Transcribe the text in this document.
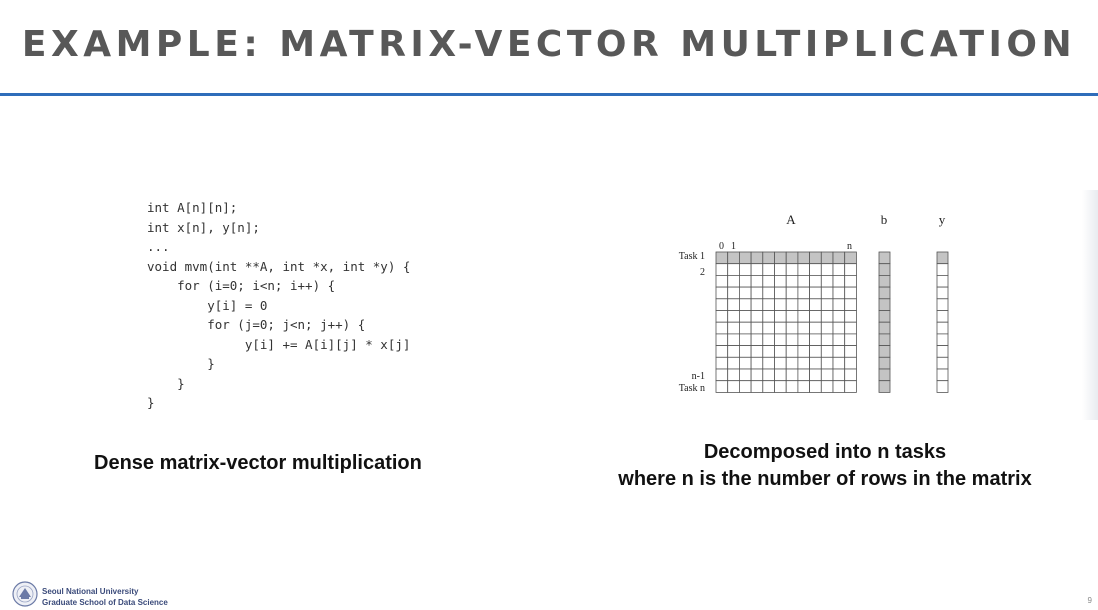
EXAMPLE: MATRIX-VECTOR MULTIPLICATION
int A[n][n];
int x[n], y[n];
...
void mvm(int **A, int *x, int *y) {
for (i=0; i<n; i++) {
y[i] = 0
for (j=0; j<n; j++) {
y[i] += A[i][j] * x[j]
}
}
}
A	b	y
0 1	n
Task 1
2
n-1
Task n
Dense matrix-vector multiplication	Decomposed into n tasks
where n is the number of rows in the matrix
Seoul National University
Graduate School of Data Science	9
